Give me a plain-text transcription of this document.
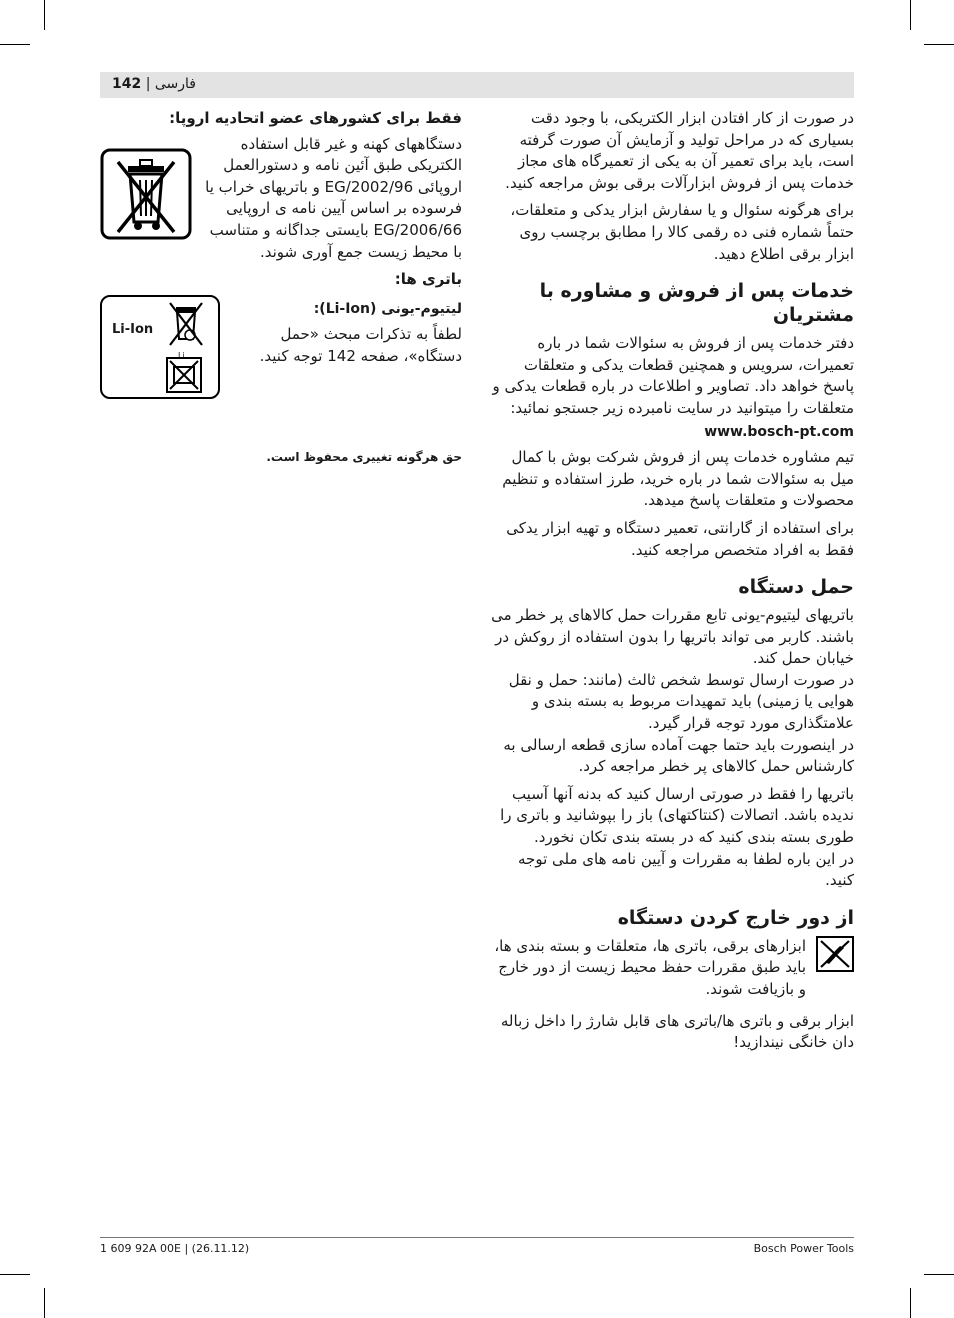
142 | فارسی

در صورت از کار افتادن ابزار الکتریکی، با وجود دقت بسیاری که در مراحل تولید و آزمایش آن صورت گرفته است، باید برای تعمیر آن به یکی از تعمیرگاه های مجاز خدمات پس از فروش ابزارآلات برقی بوش مراجعه کنید.

برای هرگونه سئوال و یا سفارش ابزار یدکی و متعلقات، حتماً شماره فنی ده رقمی کالا را مطابق برچسب روی ابزار برقی اطلاع دهید.

خدمات پس از فروش و مشاوره با مشتریان

دفتر خدمات پس از فروش به سئوالات شما در باره تعمیرات، سرویس و همچنین قطعات یدکی و متعلقات پاسخ خواهد داد. تصاویر و اطلاعات در باره قطعات یدکی و متعلقات را میتوانید در سایت نامبرده زیر جستجو نمائید:

www.bosch-pt.com

تیم مشاوره خدمات پس از فروش شرکت بوش با کمال میل به سئوالات شما در باره خرید، طرز استفاده و تنظیم محصولات و متعلقات پاسخ میدهد.

برای استفاده از گارانتی، تعمیر دستگاه و تهیه ابزار یدکی فقط به افراد متخصص مراجعه کنید.

حمل دستگاه

باتریهای لیتیوم-یونی تابع مقررات حمل کالاهای پر خطر می باشند. کاربر می تواند باتریها را بدون استفاده از روکش در خیابان حمل کند.

در صورت ارسال توسط شخص ثالث (مانند: حمل و نقل هوایی یا زمینی) باید تمهیدات مربوط به بسته بندی و علامتگذاری مورد توجه قرار گیرد.

در اینصورت باید حتما جهت آماده سازی قطعه ارسالی به کارشناس حمل کالاهای پر خطر مراجعه کرد.

باتریها را فقط در صورتی ارسال کنید که بدنه آنها آسیب ندیده باشد. اتصالات (کنتاکتهای) باز را بپوشانید و باتری را طوری بسته بندی کنید که در بسته بندی تکان نخورد.

در این باره لطفا به مقررات و آیین نامه های ملی توجه کنید.

از دور خارج کردن دستگاه

ابزارهای برقی، باتری ها، متعلقات و بسته بندی ها، باید طبق مقررات حفظ محیط زیست از دور خارج و بازیافت شوند.

ابزار برقی و باتری ها/باتری های قابل شارژ را داخل زباله دان خانگی نیندازید!

فقط برای کشورهای عضو اتحادیه اروپا:

دستگاههای کهنه و غیر قابل استفاده الکتریکی طبق آئین نامه و دستورالعمل اروپائی 2002/96/EG و باتریهای خراب یا فرسوده بر اساس آیین نامه ی اروپایی 2006/66/EG بایستی جداگانه و متناسب با محیط زیست جمع آوری شوند.

باتری ها:
لیتیوم-یونی (Li-Ion):

لطفاً به تذکرات مبحث «حمل دستگاه»، صفحه 142 توجه کنید.

Li-Ion
Li
حق هرگونه تغییری محفوظ است.
1 609 92A 00E | (26.11.12)	Bosch Power Tools
